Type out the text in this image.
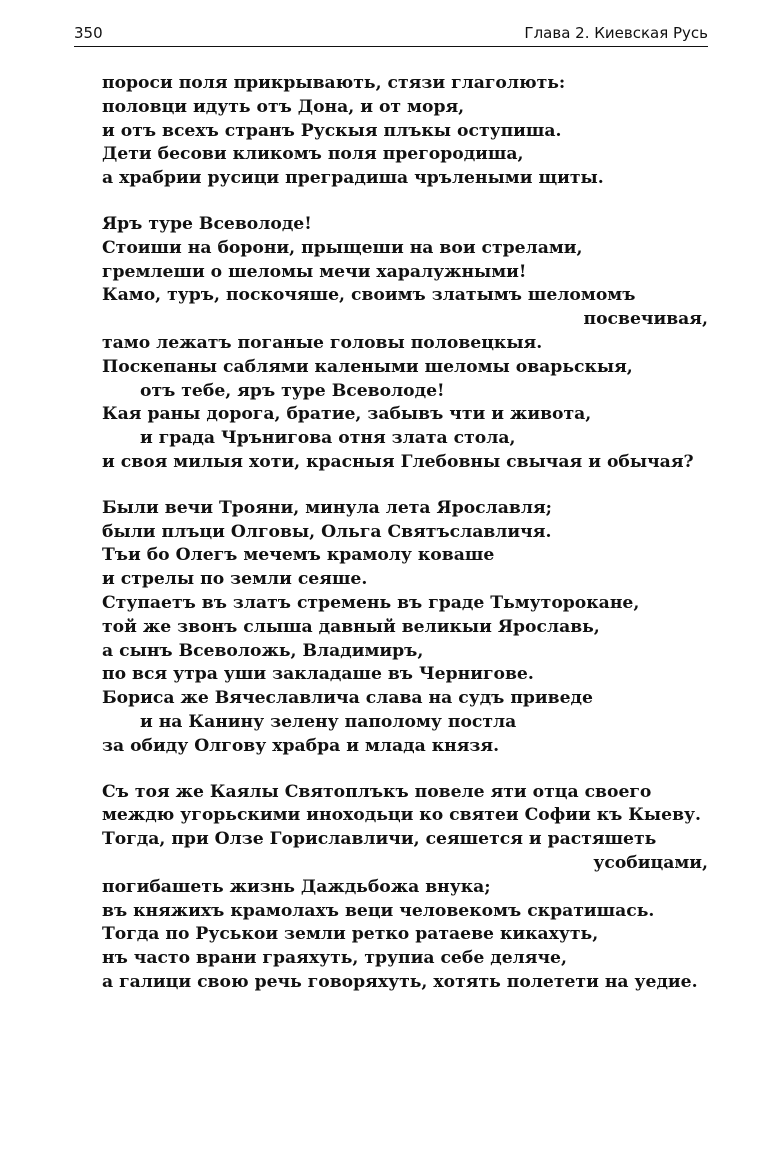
350	Глава 2. Киевская Русь
пороси поля прикрывають, стязи глаголють:
половци идуть отъ Дона, и от моря,
и отъ всехъ странъ Рускыя плъкы оступиша.
Дети бесови кликомъ поля прегородиша,
а храбрии русици преградиша чрълеными щиты.
Яръ туре Всеволоде!
Стоиши на борони, прыщеши на вои стрелами,
гремлеши о шеломы мечи харалужными!
Камо, туръ, поскочяше, своимъ златымъ шеломомъ
посвечивая,
тамо лежатъ поганые головы половецкыя.
Поскепаны саблями калеными шеломы оварьскыя,
отъ тебе, яръ туре Всеволоде!
Кая раны дорога, братие, забывъ чти и живота,
и града Чрънигова отня злата стола,
и своя милыя хоти, красныя Глебовны свычая и обычая?
Были вечи Трояни, минула лета Ярославля;
были плъци Олговы, Ольга Святъславличя.
Тъи бо Олегъ мечемъ крамолу коваше
и стрелы по земли сеяше.
Ступаетъ въ златъ стремень въ граде Тьмуторокане,
той же звонъ слыша давный великыи Ярославь,
а сынъ Всеволожь, Владимиръ,
по вся утра уши закладаше въ Чернигове.
Бориса же Вячеславлича слава на судъ приведе
и на Канину зелену паполому постла
за обиду Олгову храбра и млада князя.
Съ тоя же Каялы Святоплъкъ повеле яти отца своего
междю угорьскими иноходьци ко святеи Софии къ Кыеву.
Тогда, при Олзе Гориславличи, сеяшется и растяшеть
усобицами,
погибашеть жизнь Даждьбожа внука;
въ княжихъ крамолахъ веци человекомъ скратишась.
Тогда по Руськои земли ретко ратаеве кикахуть,
нъ часто врани граяхуть, трупиа себе деляче,
а галици свою речь говоряхуть, хотять полетети на уедие.
